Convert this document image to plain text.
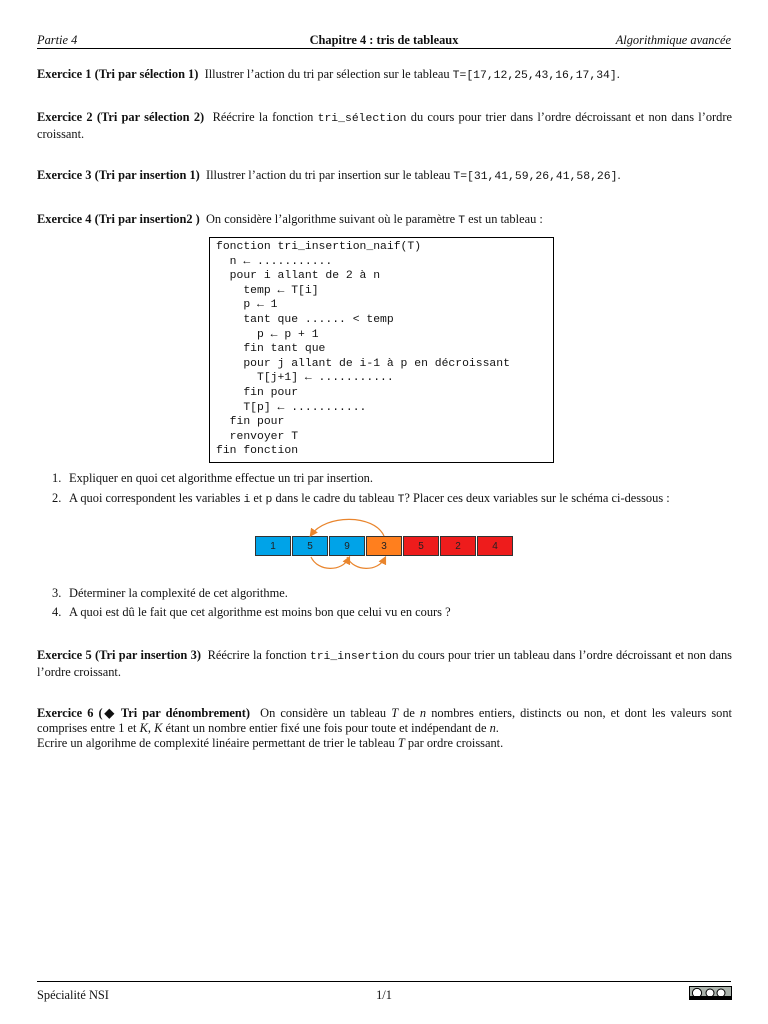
Partie 4	Chapitre 4 : tris de tableaux	Algorithmique avancée
Exercice 1 (Tri par sélection 1) Illustrer l’action du tri par sélection sur le tableau T=[17,12,25,43,16,17,34].
Exercice 2 (Tri par sélection 2) Réécrire la fonction tri_sélection du cours pour trier dans l’ordre décroissant et non dans l’ordre croissant.
Exercice 3 (Tri par insertion 1) Illustrer l’action du tri par insertion sur le tableau T=[31,41,59,26,41,58,26].
Exercice 4 (Tri par insertion2 ) On considère l’algorithme suivant où le paramètre T est un tableau :
fonction tri_insertion_naif(T)
n ← ...........
pour i allant de 2 à n
temp ← T[i]
p ← 1
tant que ...... < temp
p ← p + 1
fin tant que
pour j allant de i-1 à p en décroissant
T[j+1] ← ...........
fin pour
T[p] ← ...........
fin pour
renvoyer T
fin fonction
1. Expliquer en quoi cet algorithme effectue un tri par insertion.
2. A quoi correspondent les variables i et p dans le cadre du tableau T? Placer ces deux variables sur le schéma ci-dessous :
1	5	9	3	5	2	4
3. Déterminer la complexité de cet algorithme.
4. A quoi est dû le fait que cet algorithme est moins bon que celui vu en cours ?
Exercice 5 (Tri par insertion 3) Réécrire la fonction tri_insertion du cours pour trier un tableau dans l’ordre décroissant et non dans l’ordre croissant.
Exercice 6 (◆ Tri par dénombrement) On considère un tableau T de n nombres entiers, distincts ou non, et dont les valeurs sont comprises entre 1 et K, K étant un nombre entier fixé une fois pour toute et indépendant de n.
Ecrire un algorihme de complexité linéaire permettant de trier le tableau T par ordre croissant.
Spécialité NSI	1/1
